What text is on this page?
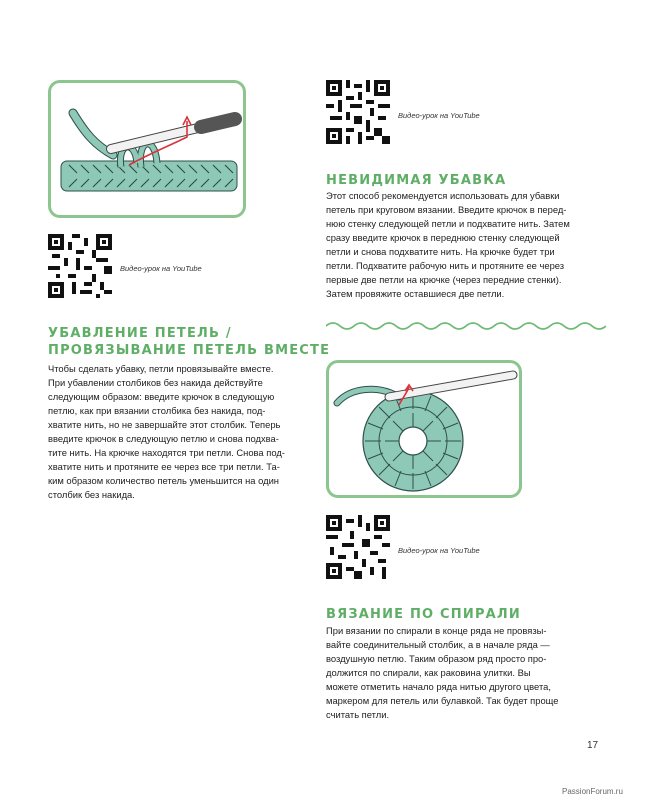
Видео-урок на YouTube
НЕВИДИМАЯ УБАВКА

Этот способ рекомендуется использовать для убавки

петель при круговом вязании. Введите крючок в перед-

нюю стенку следующей петли и подхватите нить. Затем

сразу введите крючок в переднюю стенку следующей

петли и снова подхватите нить. На крючке будет три

петли. Подхватите рабочую нить и протяните ее через

первые две петли на крючке (через передние стенки).

Затем провяжите оставшиеся две петли.

Видео-урок на YouTube
УБАВЛЕНИЕ ПЕТЕЛЬ /
ПРОВЯЗЫВАНИЕ ПЕТЕЛЬ ВМЕСТЕ

Чтобы сделать убавку, петли провязывайте вместе.

При убавлении столбиков без накида действуйте

следующим образом: введите крючок в следующую

петлю, как при вязании столбика без накида, под-

хватите нить, но не завершайте этот столбик. Теперь

введите крючок в следующую петлю и снова подхва-

тите нить. На крючке находятся три петли. Снова под-

хватите нить и протяните ее через все три петли. Та-

ким образом количество петель уменьшится на один

столбик без накида.

Видео-урок на YouTube
ВЯЗАНИЕ ПО СПИРАЛИ

При вязании по спирали в конце ряда не провязы-

вайте соединительный столбик, а в начале ряда —

воздушную петлю. Таким образом ряд просто про-

должится по спирали, как раковина улитки. Вы

можете отметить начало ряда нитью другого цвета,

маркером для петель или булавкой. Так будет проще

считать петли.

17
PassionForum.ru
